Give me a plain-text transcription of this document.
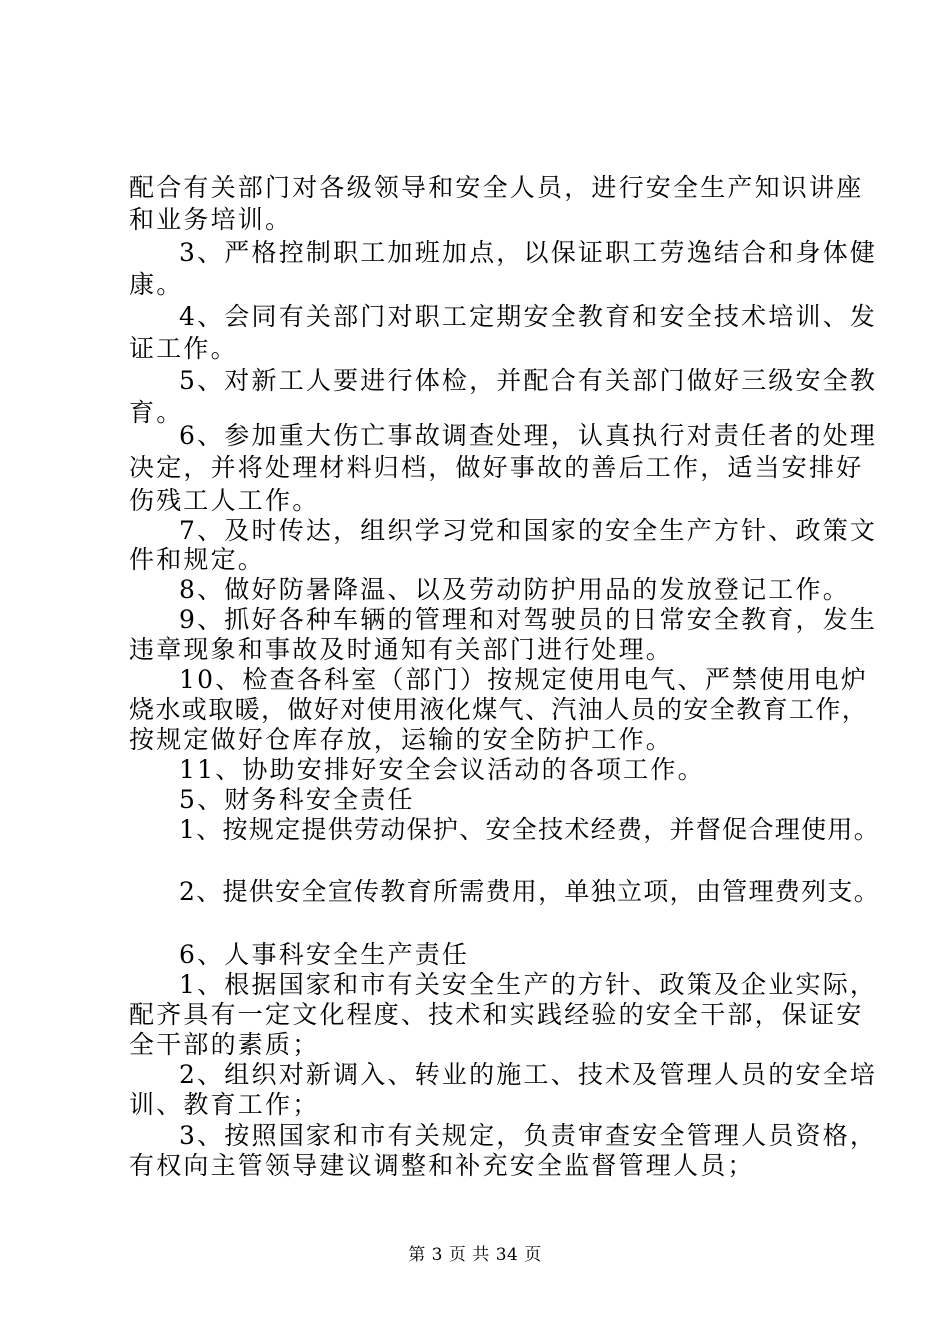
配合有关部门对各级领导和安全人员，进行安全生产知识讲座
和业务培训。
3、严格控制职工加班加点，以保证职工劳逸结合和身体健
康。
4、会同有关部门对职工定期安全教育和安全技术培训、发
证工作。
5、对新工人要进行体检，并配合有关部门做好三级安全教
育。
6、参加重大伤亡事故调查处理，认真执行对责任者的处理
决定，并将处理材料归档，做好事故的善后工作，适当安排好
伤残工人工作。
7、及时传达，组织学习党和国家的安全生产方针、政策文
件和规定。
8、做好防暑降温、以及劳动防护用品的发放登记工作。
9、抓好各种车辆的管理和对驾驶员的日常安全教育，发生
违章现象和事故及时通知有关部门进行处理。
10、检查各科室（部门）按规定使用电气、严禁使用电炉
烧水或取暖，做好对使用液化煤气、汽油人员的安全教育工作，
按规定做好仓库存放，运输的安全防护工作。
11、协助安排好安全会议活动的各项工作。
5、财务科安全责任
1、按规定提供劳动保护、安全技术经费，并督促合理使用。
2、提供安全宣传教育所需费用，单独立项，由管理费列支。
6、人事科安全生产责任
1、根据国家和市有关安全生产的方针、政策及企业实际，
配齐具有一定文化程度、技术和实践经验的安全干部，保证安
全干部的素质；
2、组织对新调入、转业的施工、技术及管理人员的安全培
训、教育工作；
3、按照国家和市有关规定，负责审查安全管理人员资格，
有权向主管领导建议调整和补充安全监督管理人员；
第 3 页 共 34 页
